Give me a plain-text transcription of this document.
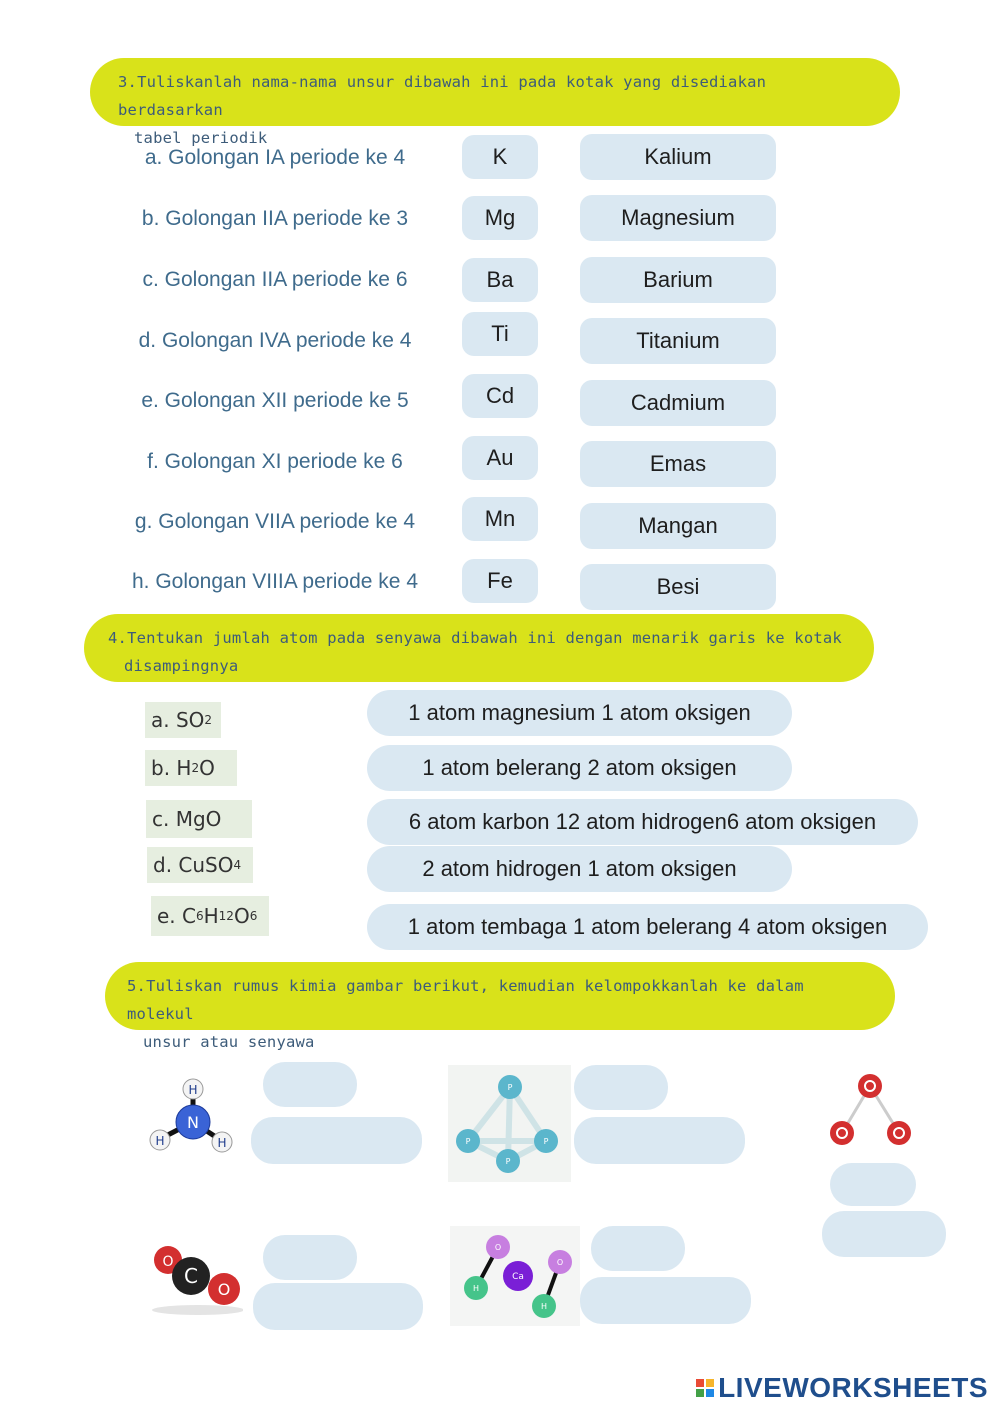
3.Tuliskanlah nama-nama unsur dibawah ini pada kotak yang disediakan berdasarkan
tabel periodik
a. Golongan IA periode ke 4	K	Kalium
b. Golongan IIA periode ke 3	Mg	Magnesium
c. Golongan IIA periode ke 6	Ba	Barium
d. Golongan IVA periode ke 4	Ti	Titanium
e. Golongan XII periode ke 5	Cd	Cadmium
f. Golongan XI periode ke 6	Au	Emas
g. Golongan VIIA periode ke 4	Mn	Mangan
h. Golongan VIIIA periode ke 4	Fe	Besi
4.Tentukan jumlah atom pada senyawa dibawah ini dengan menarik garis ke kotak
disampingnya
a. SO 2
b. H 2 O
c. MgO
d. CuSO 4
e. C 6 H 12 O 6
1 atom magnesium 1 atom oksigen
1 atom belerang 2 atom oksigen
6 atom karbon 12 atom hidrogen6 atom oksigen
2 atom hidrogen 1 atom oksigen
1 atom tembaga 1 atom belerang 4 atom oksigen
5.Tuliskan rumus kimia gambar berikut, kemudian kelompokkanlah ke dalam molekul
unsur atau senyawa
N
H
H	H
P
P	P
P
C
O
O
O
O
H
H
Ca
LIVEWORKSHEETS
